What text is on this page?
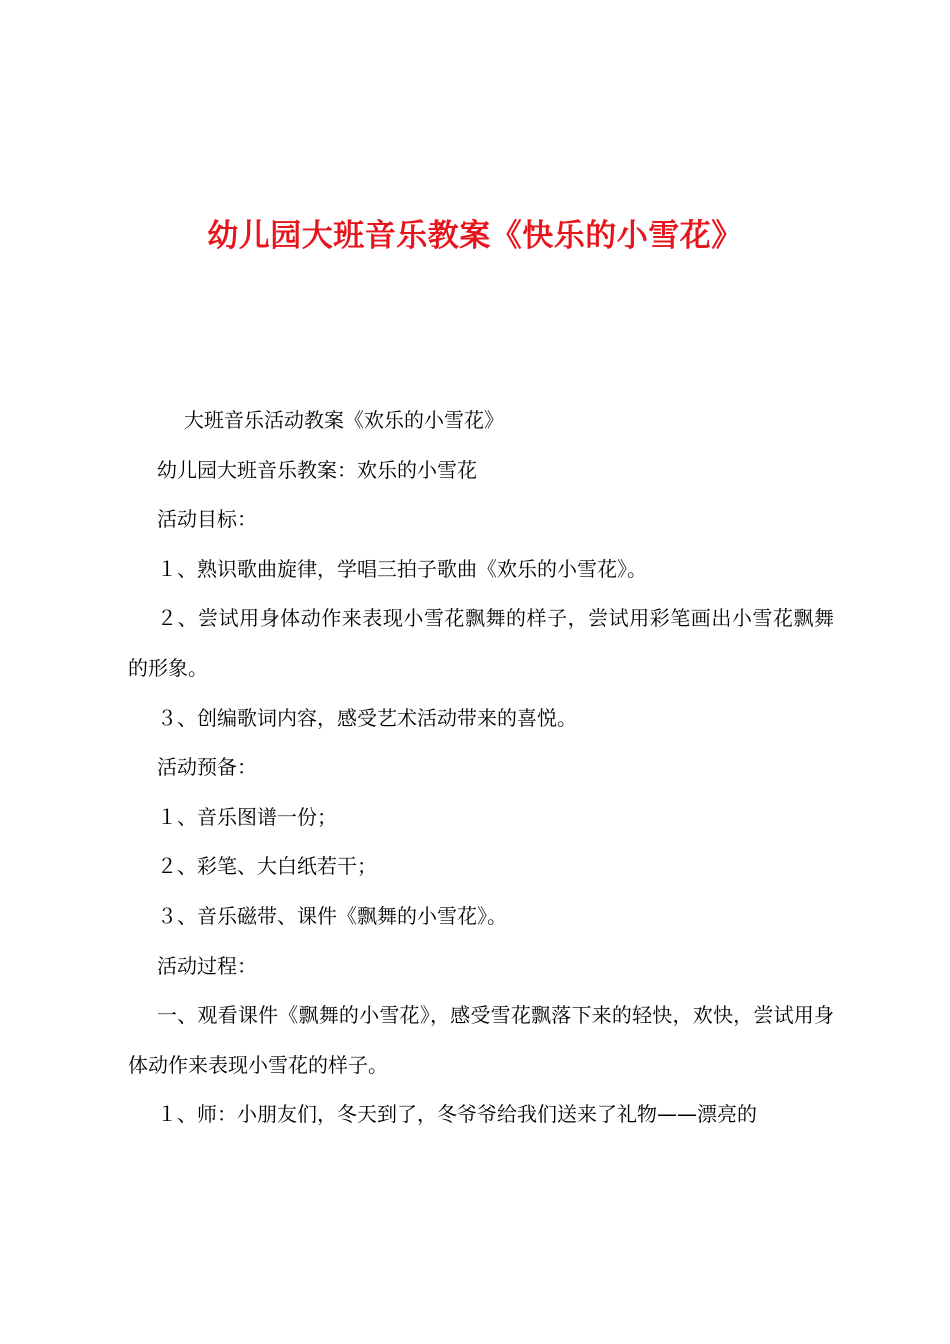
幼儿园大班音乐教案《快乐的小雪花》

大班音乐活动教案《欢乐的小雪花》

幼儿园大班音乐教案：欢乐的小雪花

活动目标：

１、熟识歌曲旋律，学唱三拍子歌曲《欢乐的小雪花》。

２、尝试用身体动作来表现小雪花飘舞的样子，尝试用彩笔画出小雪花飘舞的形象。

３、创编歌词内容，感受艺术活动带来的喜悦。

活动预备：

１、音乐图谱一份；

２、彩笔、大白纸若干；

３、音乐磁带、课件《飘舞的小雪花》。

活动过程：

一、观看课件《飘舞的小雪花》，感受雪花飘落下来的轻快，欢快，尝试用身体动作来表现小雪花的样子。

１、师：小朋友们，冬天到了，冬爷爷给我们送来了礼物——漂亮的
